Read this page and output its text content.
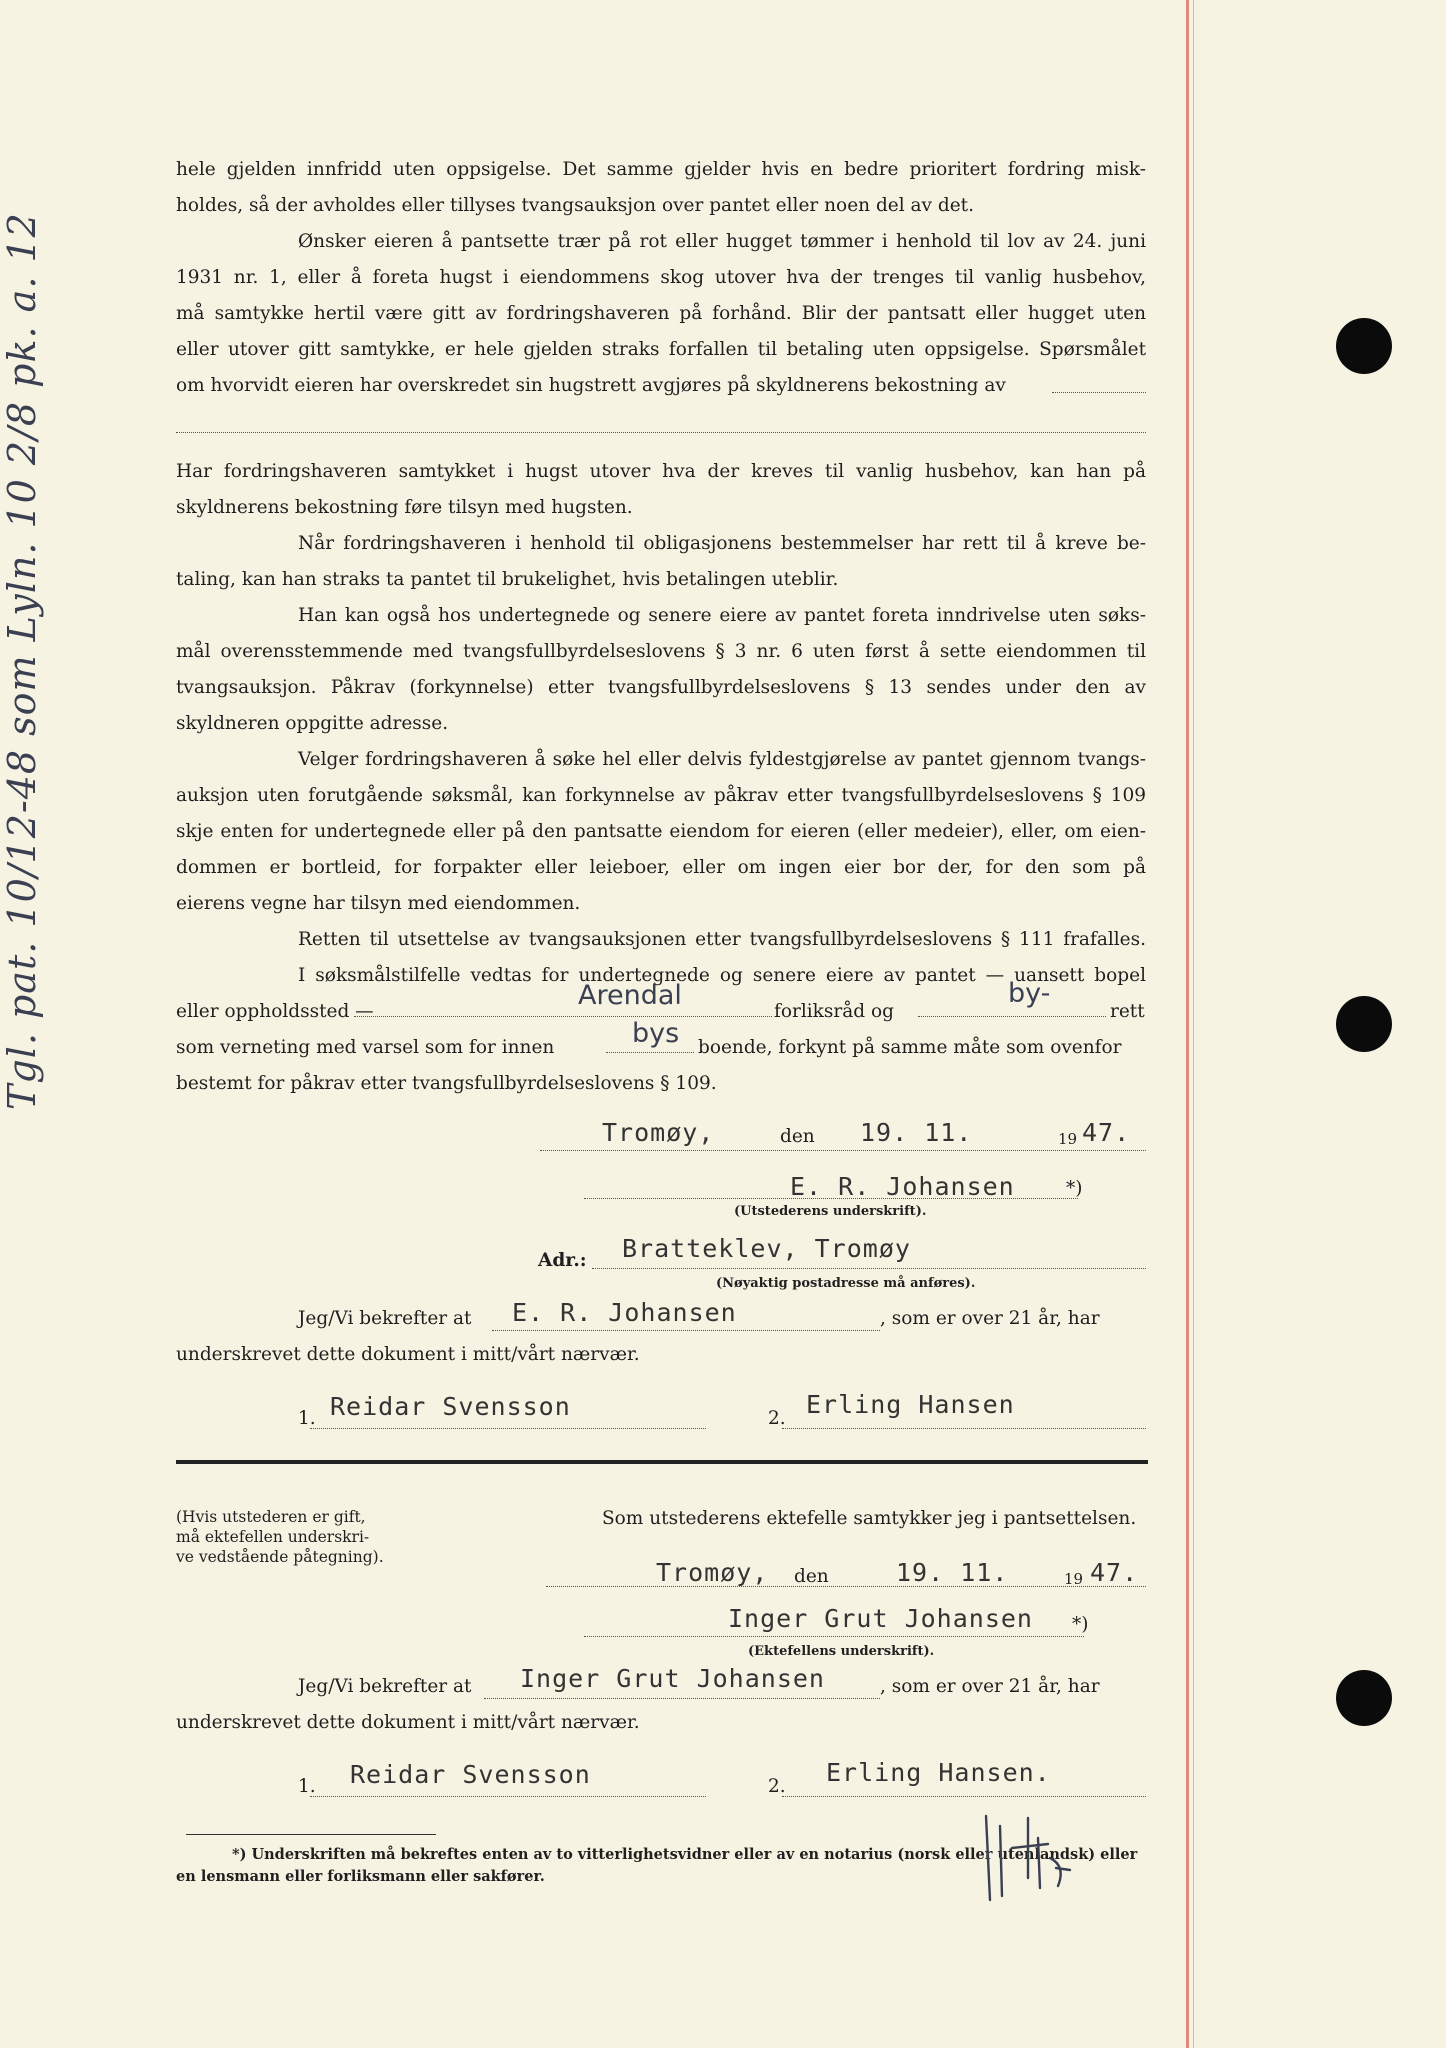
Tgl. pat. 10/12-48 som Lyln. 10 2/8 pk. a. 12
hele gjelden innfridd uten oppsigelse. Det samme gjelder hvis en bedre prioritert fordring misk-
holdes, så der avholdes eller tillyses tvangsauksjon over pantet eller noen del av det.
Ønsker eieren å pantsette trær på rot eller hugget tømmer i henhold til lov av 24. juni
1931 nr. 1, eller å foreta hugst i eiendommens skog utover hva der trenges til vanlig husbehov,
må samtykke hertil være gitt av fordringshaveren på forhånd. Blir der pantsatt eller hugget uten
eller utover gitt samtykke, er hele gjelden straks forfallen til betaling uten oppsigelse. Spørsmålet
om hvorvidt eieren har overskredet sin hugstrett avgjøres på skyldnerens bekostning av
Har fordringshaveren samtykket i hugst utover hva der kreves til vanlig husbehov, kan han på
skyldnerens bekostning føre tilsyn med hugsten.
Når fordringshaveren i henhold til obligasjonens bestemmelser har rett til å kreve be-
taling, kan han straks ta pantet til brukelighet, hvis betalingen uteblir.
Han kan også hos undertegnede og senere eiere av pantet foreta inndrivelse uten søks-
mål overensstemmende med tvangsfullbyrdelseslovens § 3 nr. 6 uten først å sette eiendommen til
tvangsauksjon. Påkrav (forkynnelse) etter tvangsfullbyrdelseslovens § 13 sendes under den av
skyldneren oppgitte adresse.
Velger fordringshaveren å søke hel eller delvis fyldestgjørelse av pantet gjennom tvangs-
auksjon uten forutgående søksmål, kan forkynnelse av påkrav etter tvangsfullbyrdelseslovens § 109
skje enten for undertegnede eller på den pantsatte eiendom for eieren (eller medeier), eller, om eien-
dommen er bortleid, for forpakter eller leieboer, eller om ingen eier bor der, for den som på
eierens vegne har tilsyn med eiendommen.
Retten til utsettelse av tvangsauksjonen etter tvangsfullbyrdelseslovens § 111 frafalles.
I søksmålstilfelle vedtas for undertegnede og senere eiere av pantet — uansett bopel
eller oppholdssted —
Arendal
forliksråd og
by-
rett
som verneting med varsel som for innen	bys boende, forkynt på samme måte som ovenfor
bestemt for påkrav etter tvangsfullbyrdelseslovens § 109.
Tromøy,	den 19. 11.	19 47.
E. R. Johansen	*)
(Utstederens underskrift).
Adr.: Bratteklev, Tromøy
(Nøyaktig postadresse må anføres).
Jeg/Vi bekrefter at E. R. Johansen	, som er over 21 år, har
underskrevet dette dokument i mitt/vårt nærvær.
1. Reidar Svensson	2. Erling Hansen
(Hvis utstederen er gift,
må ektefellen underskri-
ve vedstående påtegning).
Som utstederens ektefelle samtykker jeg i pantsettelsen.
Tromøy, den	19. 11.	19 47.
Inger Grut Johansen *)
(Ektefellens underskrift).
Jeg/Vi bekrefter at Inger Grut Johansen	, som er over 21 år, har
underskrevet dette dokument i mitt/vårt nærvær.
1. Reidar Svensson	2. Erling Hansen.
*) Underskriften må bekreftes enten av to vitterlighetsvidner eller av en notarius (norsk eller utenlandsk) eller
en lensmann eller forliksmann eller sakfører.
